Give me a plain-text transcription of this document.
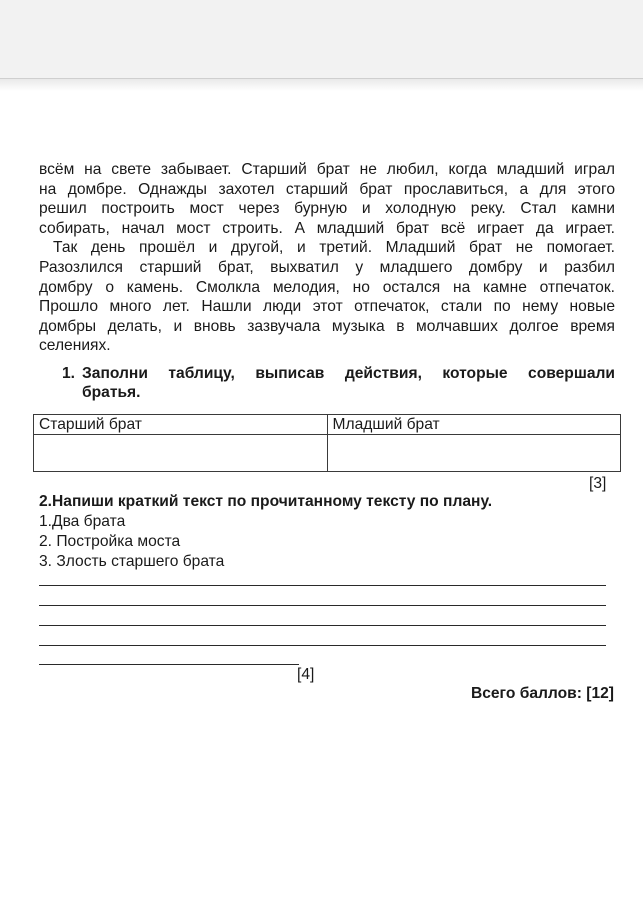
всём на свете забывает. Старший брат не любил, когда младший играл
на домбре. Однажды захотел старший брат прославиться, а для этого
решил построить мост через бурную и холодную реку. Стал камни
собирать, начал мост строить. А младший брат всё играет да играет.
Так день прошёл и другой, и третий. Младший брат не помогает.
Разозлился старший брат, выхватил у младшего домбру и разбил
домбру о камень. Смолкла мелодия, но остался на камне отпечаток.
Прошло много лет. Нашли люди этот отпечаток, стали по нему новые
домбры делать, и вновь зазвучала музыка в молчавших долгое время
селениях.
1. Заполни таблицу, выписав действия, которые совершали
братья.
Старший брат	Младший брат

[3]
2.Напиши краткий текст по прочитанному тексту по плану.
1.Два брата
2. Постройка моста
3. Злость старшего брата
[4]
Всего баллов: [12]
